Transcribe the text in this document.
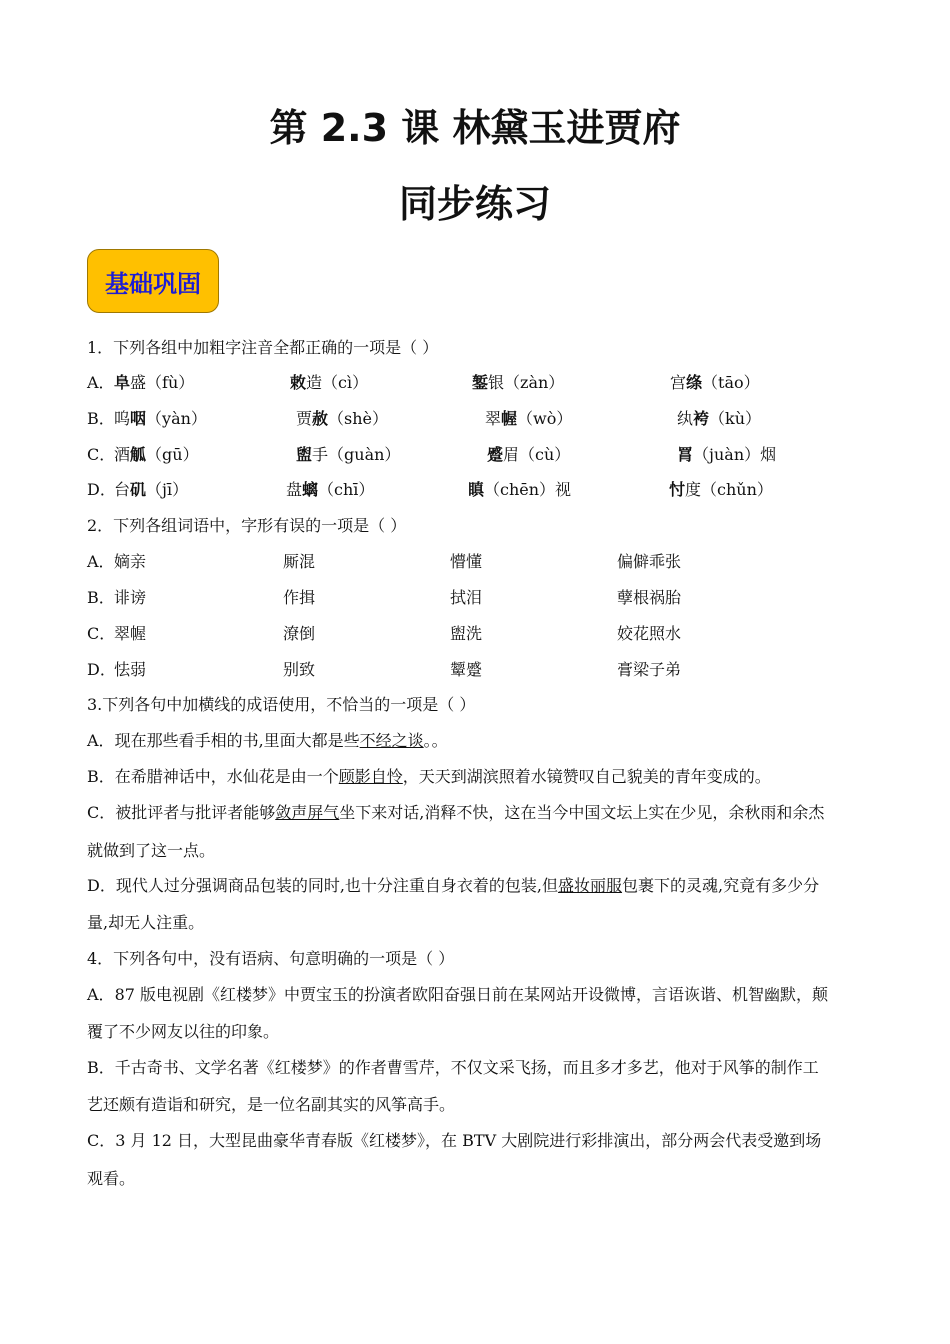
第 2.3 课 林黛玉进贾府
同步练习
基础巩固
1．下列各组中加粗字注音全都正确的一项是（ ）
A． 阜盛（fù）	敕造（cì）	錾银（zàn）	宫绦（tāo）
B． 呜咽（yàn）	贾赦（shè）	翠幄（wò）	纨袴（kù）
C．
酒觚（gū）	盥手（guàn）	蹙眉（cù）	罥（juàn）烟
D．
台矶（jī）	盘螭（chī）	瞋（chēn）视	忖度（chǔn）
2．下列各组词语中，字形有误的一项是（ ）
A． 嫡亲	厮混	懵懂	偏僻乖张
B． 诽谤	作揖	拭泪	孽根祸胎
C．
翠幄	潦倒	盥洗	姣花照水
D．
怯弱	别致	颦蹙	膏梁子弟
3.下列各句中加横线的成语使用，不恰当的一项是（ ）
A．现在那些看手相的书,里面大都是些不经之谈。。
B．在希腊神话中，水仙花是由一个顾影自怜，天天到湖滨照着水镜赞叹自己貌美的青年变成的。
C．被批评者与批评者能够敛声屏气坐下来对话,消释不快，这在当今中国文坛上实在少见，余秋雨和余杰
就做到了这一点。
D．现代人过分强调商品包装的同时,也十分注重自身衣着的包装,但盛妆丽服包裹下的灵魂,究竟有多少分
量,却无人注重。
4．下列各句中，没有语病、句意明确的一项是（ ）
A．87 版电视剧《红楼梦》中贾宝玉的扮演者欧阳奋强日前在某网站开设微博，言语诙谐、机智幽默，颠
覆了不少网友以往的印象。
B．千古奇书、文学名著《红楼梦》的作者曹雪芹，不仅文采飞扬，而且多才多艺，他对于风筝的制作工
艺还颇有造诣和研究，是一位名副其实的风筝高手。
C．3 月 12 日，大型昆曲豪华青春版《红楼梦》，在 BTV 大剧院进行彩排演出，部分两会代表受邀到场
观看。
